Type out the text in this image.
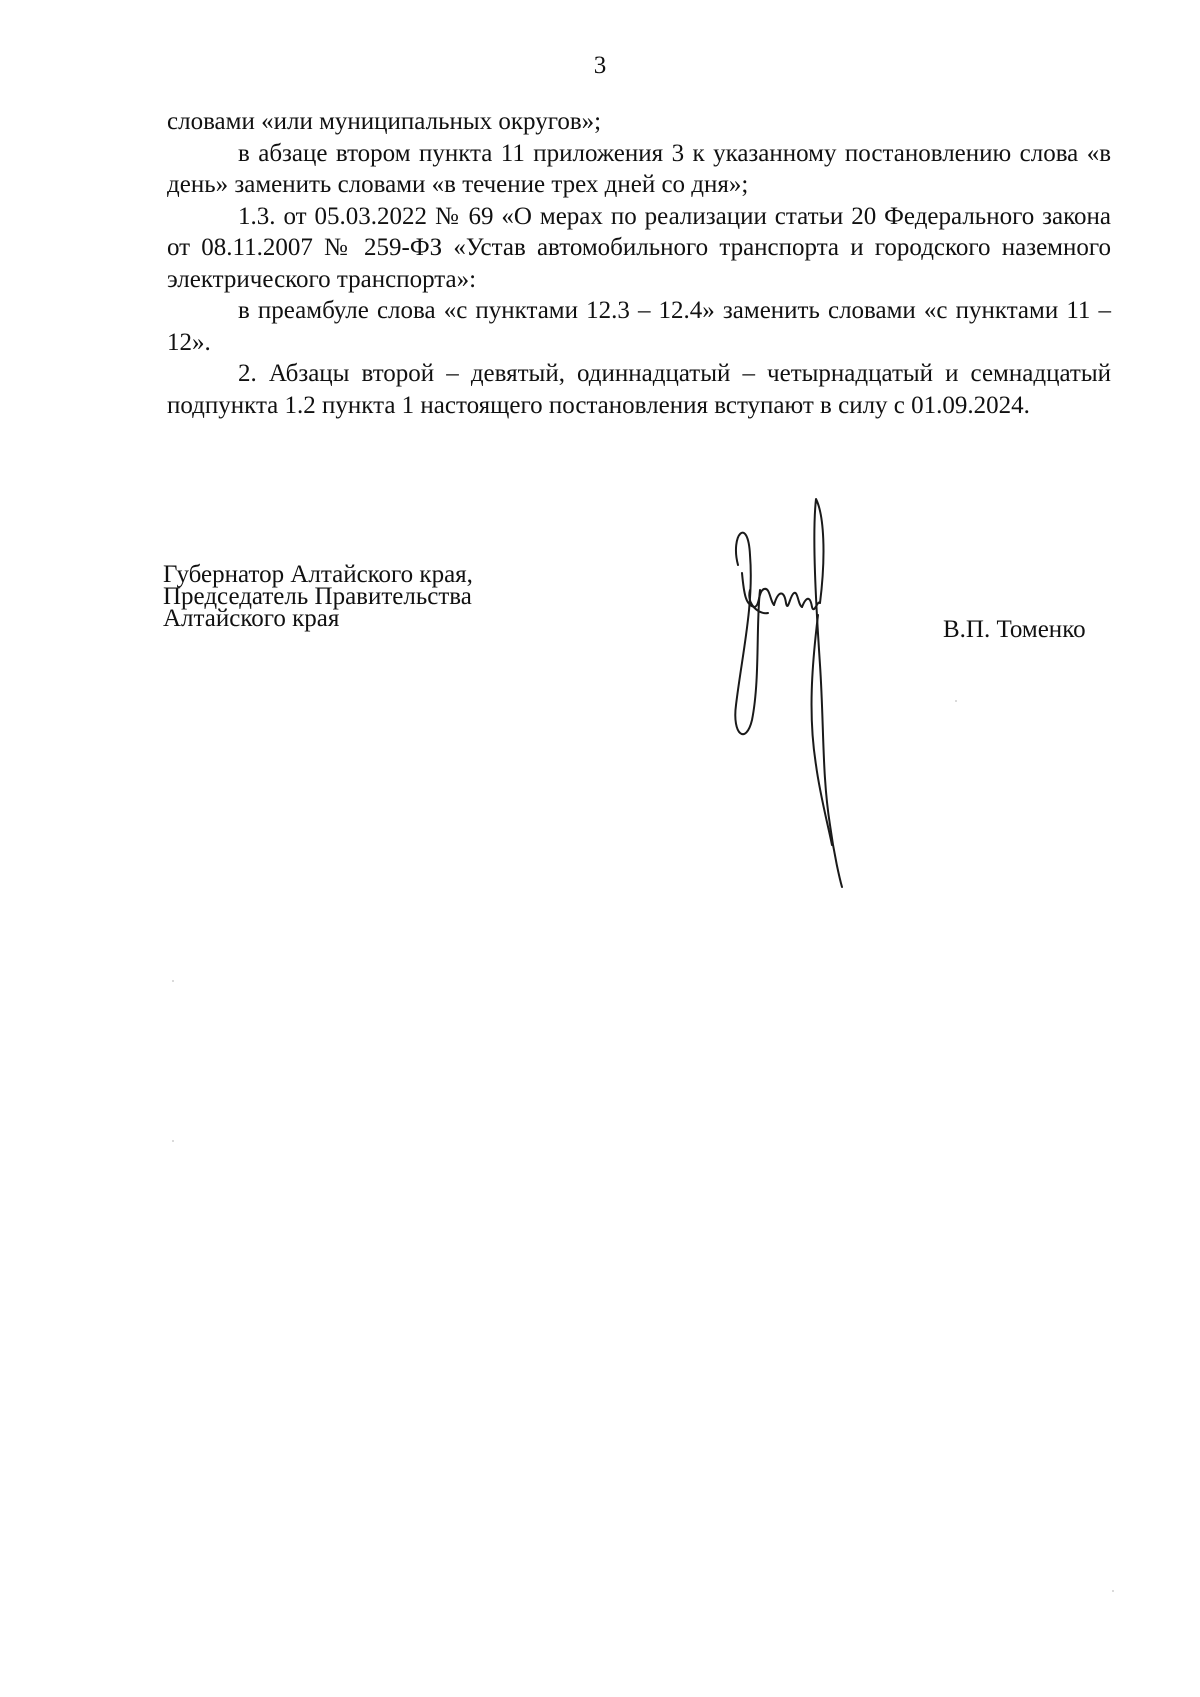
3

словами «или муниципальных округов»;

в абзаце втором пункта 11 приложения 3 к указанному постановлению слова «в день» заменить словами «в течение трех дней со дня»;

1.3. от 05.03.2022 № 69 «О мерах по реализации статьи 20 Федерального закона от 08.11.2007 № 259-ФЗ «Устав автомобильного транспорта и городского наземного электрического транспорта»:

в преамбуле слова «с пунктами 12.3 – 12.4» заменить словами «с пунктами 11 – 12».

2. Абзацы второй – девятый, одиннадцатый – четырнадцатый и семнадцатый подпункта 1.2 пункта 1 настоящего постановления вступают в силу с 01.09.2024.

Губернатор Алтайского края,
Председатель Правительства
Алтайского края	В.П. Томенко
